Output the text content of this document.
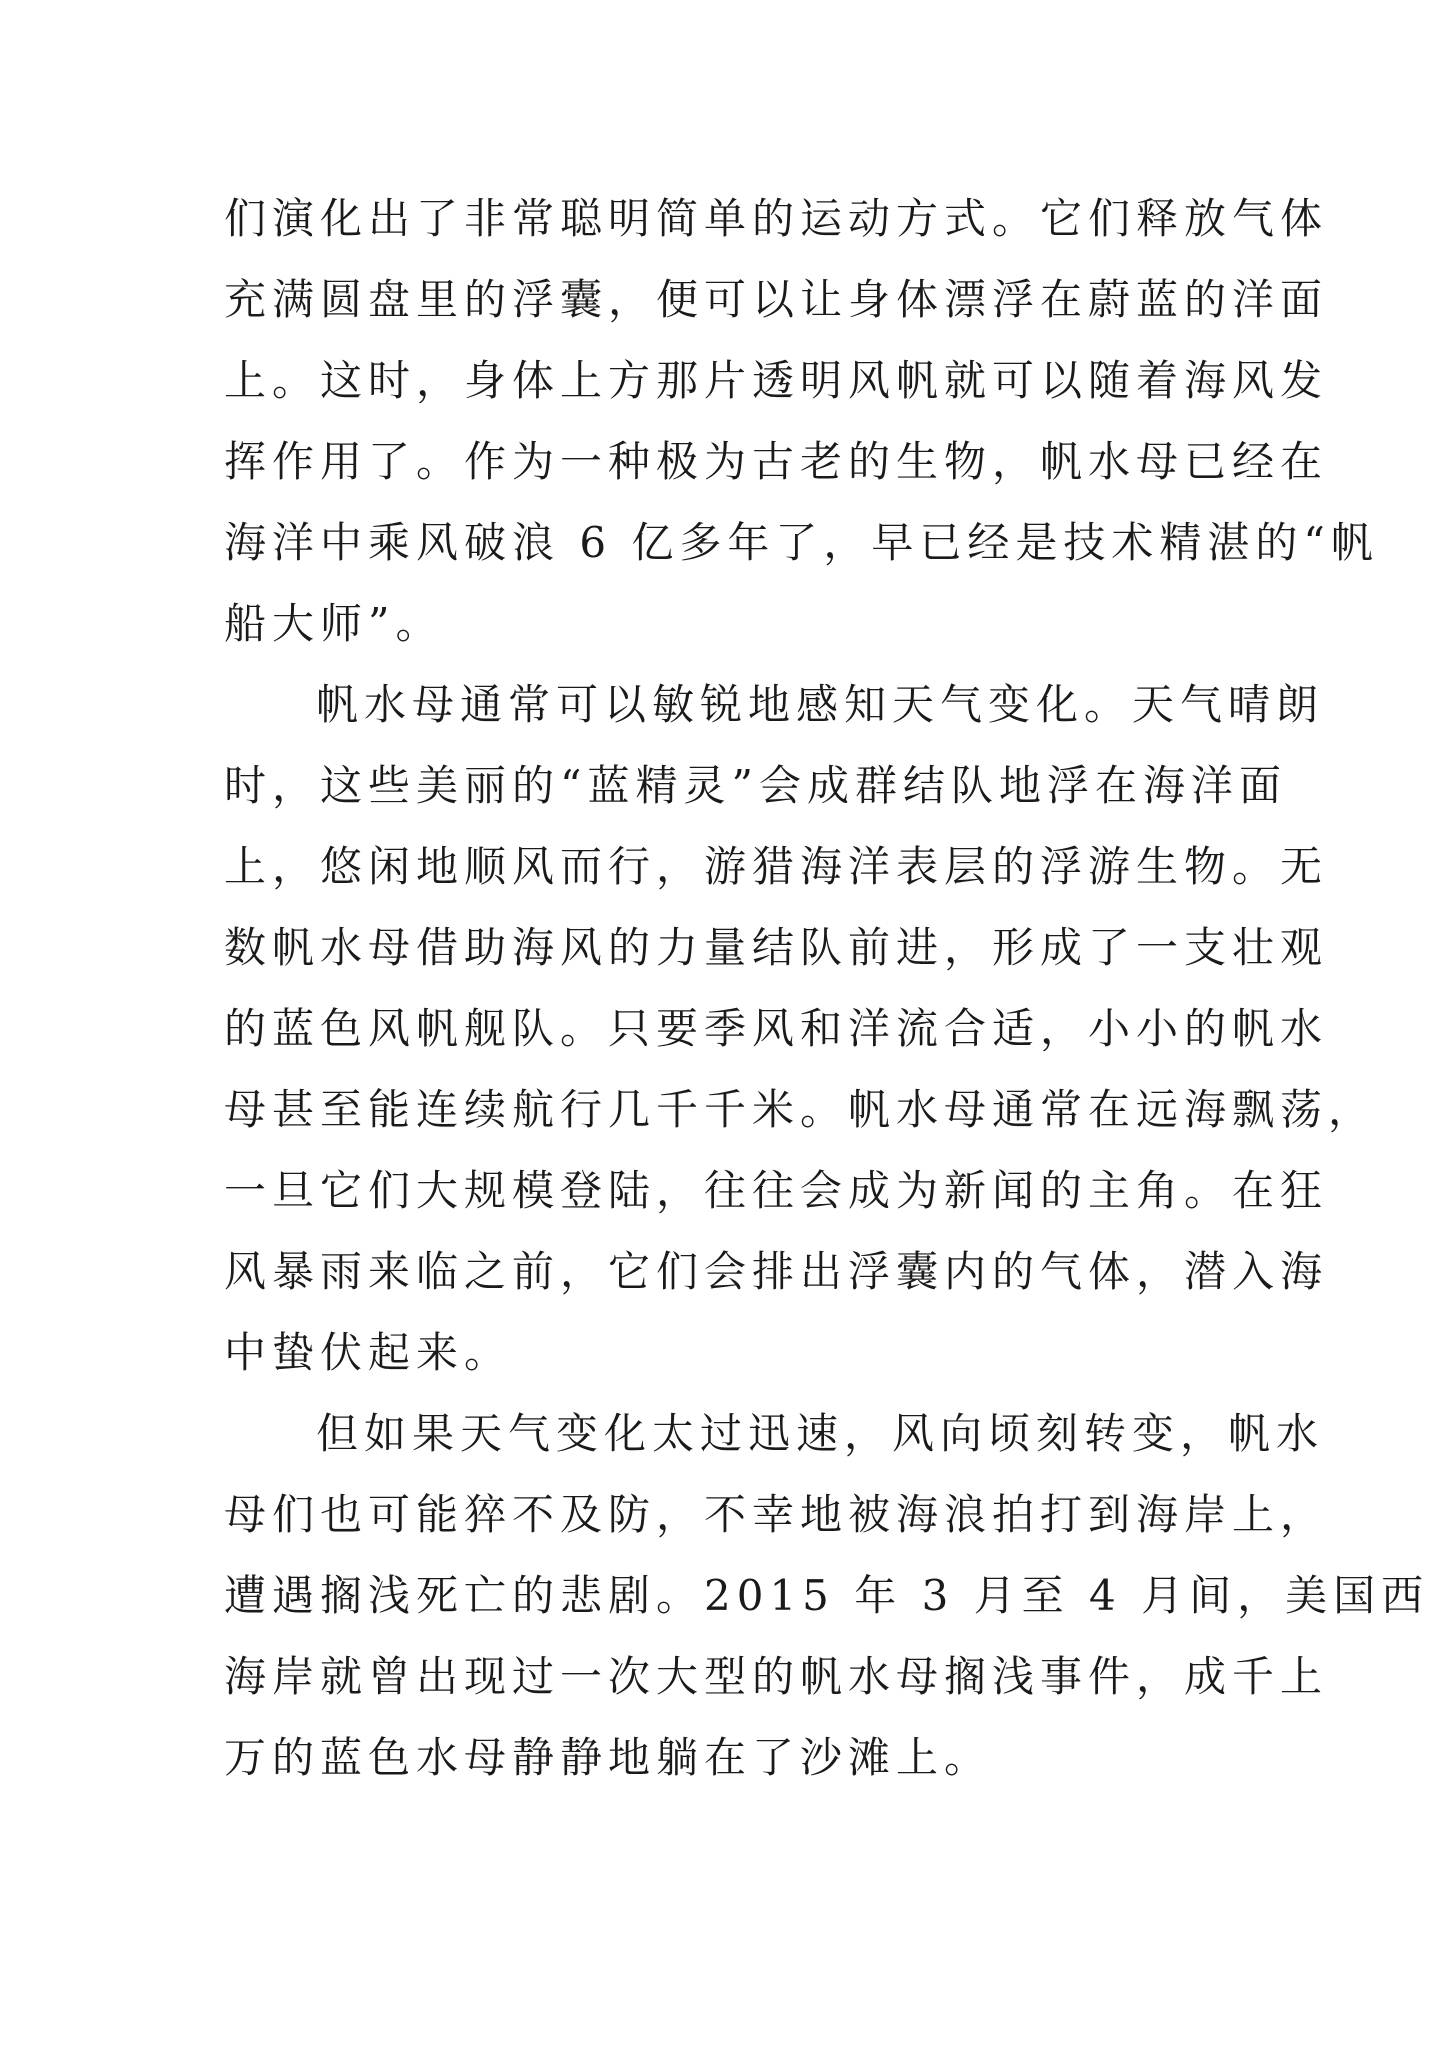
们演化出了非常聪明简单的运动方式。它们释放气体
充满圆盘里的浮囊，便可以让身体漂浮在蔚蓝的洋面
上。这时，身体上方那片透明风帆就可以随着海风发
挥作用了。作为一种极为古老的生物，帆水母已经在
海洋中乘风破浪 6 亿多年了，早已经是技术精湛的“帆
船大师”。

帆水母通常可以敏锐地感知天气变化。天气晴朗
时，这些美丽的“蓝精灵”会成群结队地浮在海洋面
上，悠闲地顺风而行，游猎海洋表层的浮游生物。无
数帆水母借助海风的力量结队前进，形成了一支壮观
的蓝色风帆舰队。只要季风和洋流合适，小小的帆水
母甚至能连续航行几千千米。帆水母通常在远海飘荡，
一旦它们大规模登陆，往往会成为新闻的主角。在狂
风暴雨来临之前，它们会排出浮囊内的气体，潜入海
中蛰伏起来。

但如果天气变化太过迅速，风向顷刻转变，帆水
母们也可能猝不及防，不幸地被海浪拍打到海岸上，
遭遇搁浅死亡的悲剧。2015 年 3 月至 4 月间，美国西
海岸就曾出现过一次大型的帆水母搁浅事件，成千上
万的蓝色水母静静地躺在了沙滩上。
